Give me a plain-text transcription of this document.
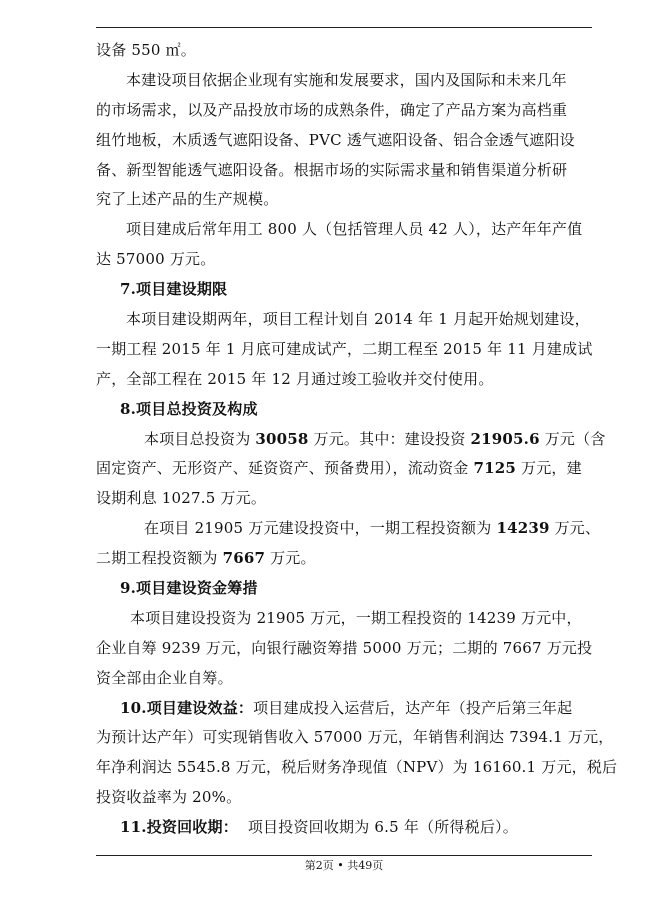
设备 550 ㎡。
本建设项目依据企业现有实施和发展要求，国内及国际和未来几年
的市场需求，以及产品投放市场的成熟条件，确定了产品方案为高档重
组竹地板，木质透气遮阳设备、PVC 透气遮阳设备、铝合金透气遮阳设
备、新型智能透气遮阳设备。根据市场的实际需求量和销售渠道分析研
究了上述产品的生产规模。
项目建成后常年用工 800 人（包括管理人员 42 人），达产年年产值
达 57000 万元。
7.项目建设期限
本项目建设期两年，项目工程计划自 2014 年 1 月起开始规划建设，
一期工程 2015 年 1 月底可建成试产，二期工程至 2015 年 11 月建成试
产，全部工程在 2015 年 12 月通过竣工验收并交付使用。
8.项目总投资及构成
本项目总投资为 30058 万元。其中：建设投资 21905.6 万元（含
固定资产、无形资产、延资资产、预备费用），流动资金 7125 万元，建
设期利息 1027.5 万元。
在项目 21905 万元建设投资中，一期工程投资额为 14239 万元、
二期工程投资额为 7667 万元。
9.项目建设资金筹措
本项目建设投资为 21905 万元，一期工程投资的 14239 万元中，
企业自筹 9239 万元，向银行融资筹措 5000 万元；二期的 7667 万元投
资全部由企业自筹。
10.项目建设效益：项目建成投入运营后，达产年（投产后第三年起
为预计达产年）可实现销售收入 57000 万元，年销售利润达 7394.1 万元，
年净利润达 5545.8 万元，税后财务净现值（NPV）为 16160.1 万元，税后
投资收益率为 20%。
11.投资回收期： 项目投资回收期为 6.5 年（所得税后）。
第2页 • 共49页
